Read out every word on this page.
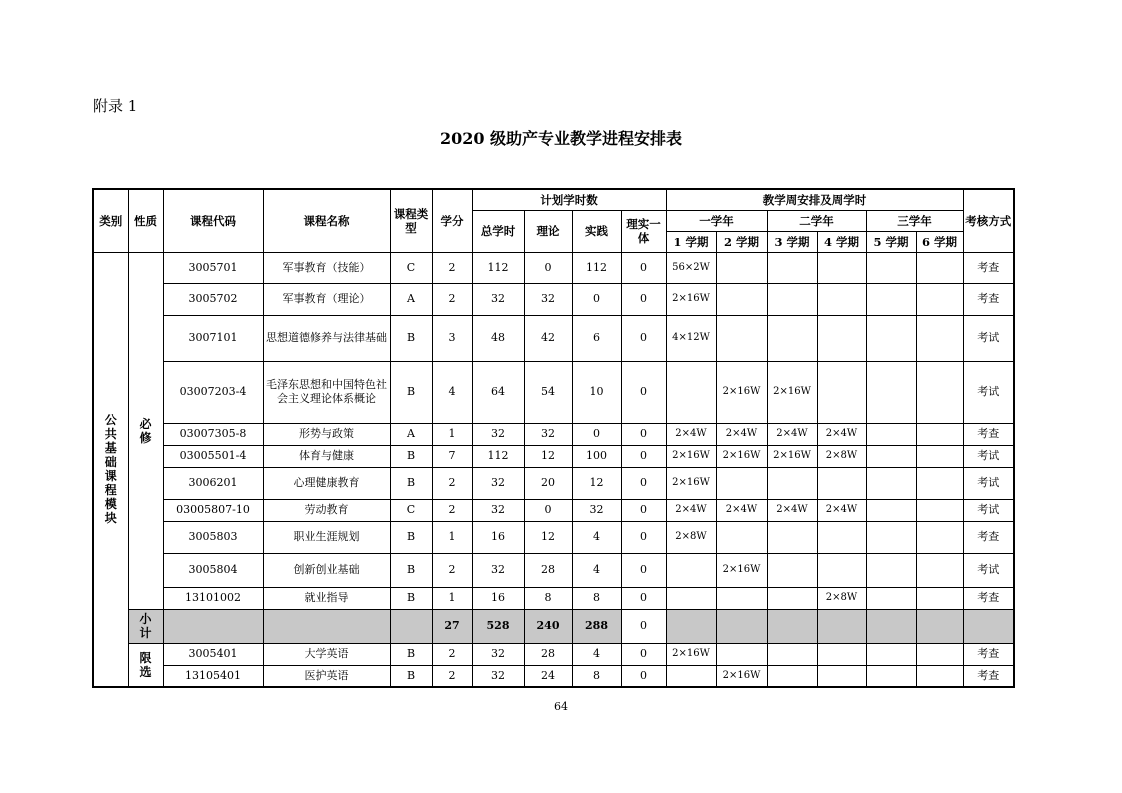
附录 1
2020 级助产专业教学进程安排表
类别	性质	课程代码	课程名称	课程类型	学分	计划学时数				教学周安排及周学时						考核方式
						总学时	理论	实践	理实一体	一学年		二学年		三学年		
										1 学期	2 学期	3 学期	4 学期	5 学期	6 学期	
公共基础课程模块	必修	3005701	军事教育（技能）	C	2	112	0	112	0	56×2W						考查
		3005702	军事教育（理论）	A	2	32	32	0	0	2×16W						考查
		3007101	思想道德修养与法律基础	B	3	48	42	6	0	4×12W						考试
		03007203-4	毛泽东思想和中国特色社会主义理论体系概论	B	4	64	54	10	0		2×16W	2×16W				考试
		03007305-8	形势与政策	A	1	32	32	0	0	2×4W	2×4W	2×4W	2×4W			考查
		03005501-4	体育与健康	B	7	112	12	100	0	2×16W	2×16W	2×16W	2×8W			考试
		3006201	心理健康教育	B	2	32	20	12	0	2×16W						考试
		03005807-10	劳动教育	C	2	32	0	32	0	2×4W	2×4W	2×4W	2×4W			考试
		3005803	职业生涯规划	B	1	16	12	4	0	2×8W						考查
		3005804	创新创业基础	B	2	32	28	4	0		2×16W					考试
		13101002	就业指导	B	1	16	8	8	0				2×8W			考查
	小计				27	528	240	288	0							
	限选	3005401	大学英语	B	2	32	28	4	0	2×16W						考查
		13105401	医护英语	B	2	32	24	8	0		2×16W					考查
64
